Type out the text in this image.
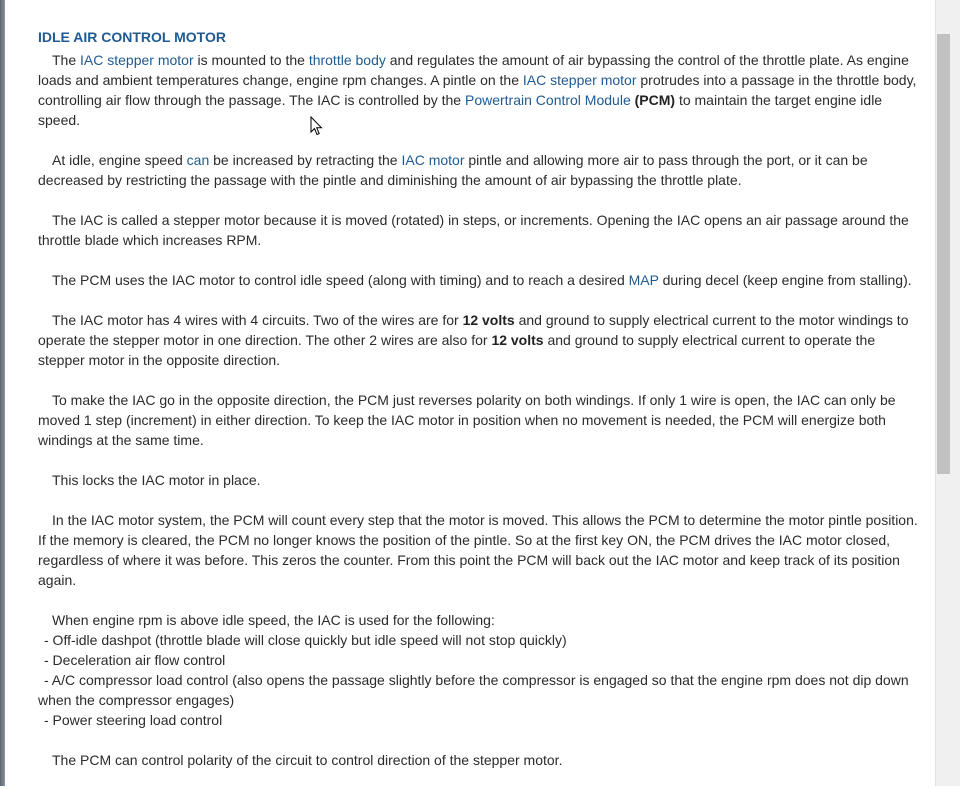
IDLE AIR CONTROL MOTOR

The IAC stepper motor is mounted to the throttle body and regulates the amount of air bypassing the control of the throttle plate. As engine loads and ambient temperatures change, engine rpm changes. A pintle on the IAC stepper motor protrudes into a passage in the throttle body, controlling air flow through the passage. The IAC is controlled by the Powertrain Control Module (PCM) to maintain the target engine idle speed.

At idle, engine speed can be increased by retracting the IAC motor pintle and allowing more air to pass through the port, or it can be decreased by restricting the passage with the pintle and diminishing the amount of air bypassing the throttle plate.

The IAC is called a stepper motor because it is moved (rotated) in steps, or increments. Opening the IAC opens an air passage around the throttle blade which increases RPM.

The PCM uses the IAC motor to control idle speed (along with timing) and to reach a desired MAP during decel (keep engine from stalling).

The IAC motor has 4 wires with 4 circuits. Two of the wires are for 12 volts and ground to supply electrical current to the motor windings to operate the stepper motor in one direction. The other 2 wires are also for 12 volts and ground to supply electrical current to operate the stepper motor in the opposite direction.

To make the IAC go in the opposite direction, the PCM just reverses polarity on both windings. If only 1 wire is open, the IAC can only be moved 1 step (increment) in either direction. To keep the IAC motor in position when no movement is needed, the PCM will energize both windings at the same time.

This locks the IAC motor in place.

In the IAC motor system, the PCM will count every step that the motor is moved. This allows the PCM to determine the motor pintle position. If the memory is cleared, the PCM no longer knows the position of the pintle. So at the first key ON, the PCM drives the IAC motor closed, regardless of where it was before. This zeros the counter. From this point the PCM will back out the IAC motor and keep track of its position again.

When engine rpm is above idle speed, the IAC is used for the following:

- Off-idle dashpot (throttle blade will close quickly but idle speed will not stop quickly)

- Deceleration air flow control

- A/C compressor load control (also opens the passage slightly before the compressor is engaged so that the engine rpm does not dip down when the compressor engages)

- Power steering load control

The PCM can control polarity of the circuit to control direction of the stepper motor.
